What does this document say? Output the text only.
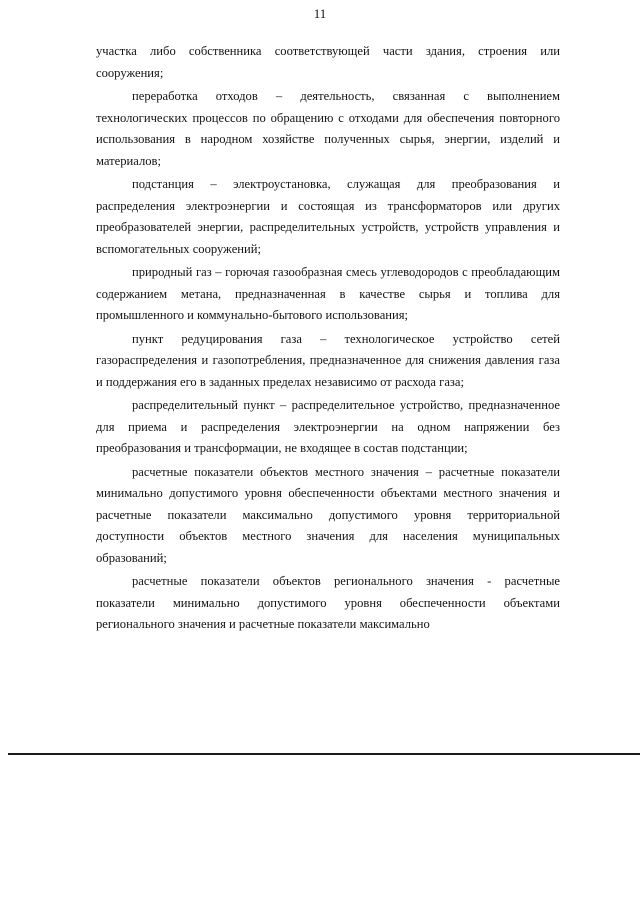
11

участка либо собственника соответствующей части здания, строения или сооружения;

переработка отходов – деятельность, связанная с выполнением технологических процессов по обращению с отходами для обеспечения повторного использования в народном хозяйстве полученных сырья, энергии, изделий и материалов;

подстанция – электроустановка, служащая для преобразования и распределения электроэнергии и состоящая из трансформаторов или других преобразователей энергии, распределительных устройств, устройств управления и вспомогательных сооружений;

природный газ – горючая газообразная смесь углеводородов с преобладающим содержанием метана, предназначенная в качестве сырья и топлива для промышленного и коммунально-бытового использования;

пункт редуцирования газа – технологическое устройство сетей газораспределения и газопотребления, предназначенное для снижения давления газа и поддержания его в заданных пределах независимо от расхода газа;

распределительный пункт – распределительное устройство, предназначенное для приема и распределения электроэнергии на одном напряжении без преобразования и трансформации, не входящее в состав подстанции;

расчетные показатели объектов местного значения – расчетные показатели минимально допустимого уровня обеспеченности объектами местного значения и расчетные показатели максимально допустимого уровня территориальной доступности объектов местного значения для населения муниципальных образований;

расчетные показатели объектов регионального значения - расчетные показатели минимально допустимого уровня обеспеченности объектами регионального значения и расчетные показатели максимально
